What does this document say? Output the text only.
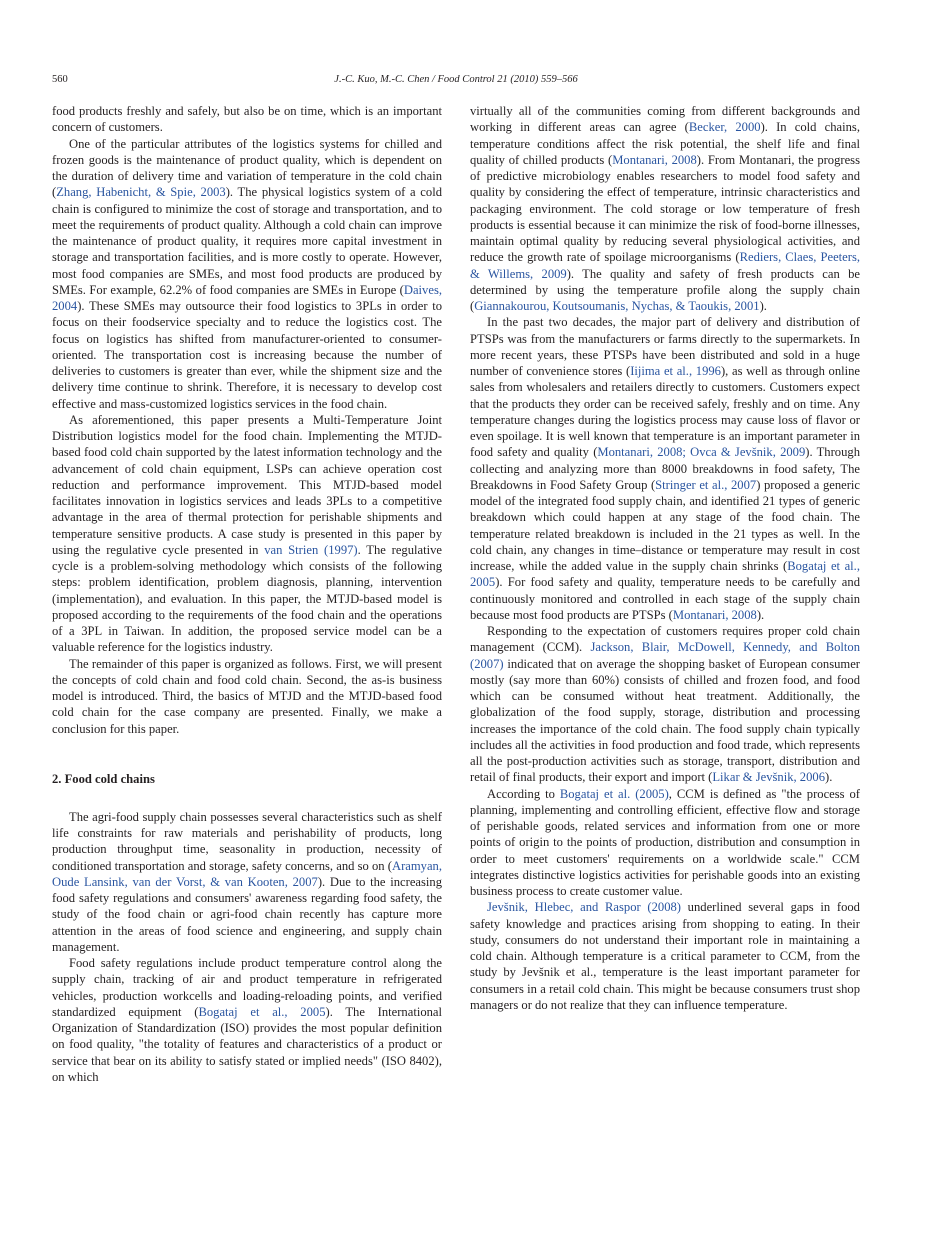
560	J.-C. Kuo, M.-C. Chen / Food Control 21 (2010) 559–566

food products freshly and safely, but also be on time, which is an important concern of customers.

One of the particular attributes of the logistics systems for chilled and frozen goods is the maintenance of product quality, which is dependent on the duration of delivery time and variation of temperature in the cold chain (Zhang, Habenicht, & Spie, 2003). The physical logistics system of a cold chain is configured to minimize the cost of storage and transportation, and to meet the requirements of product quality. Although a cold chain can improve the maintenance of product quality, it requires more capital investment in storage and transportation facilities, and is more costly to operate. However, most food companies are SMEs, and most food products are produced by SMEs. For example, 62.2% of food companies are SMEs in Europe (Daives, 2004). These SMEs may outsource their food logistics to 3PLs in order to focus on their foodservice specialty and to reduce the logistics cost. The focus on logistics has shifted from manufacturer-oriented to consumer-oriented. The transportation cost is increasing because the number of deliveries to customers is greater than ever, while the shipment size and the delivery time continue to shrink. Therefore, it is necessary to develop cost effective and mass-customized logistics services in the food chain.

As aforementioned, this paper presents a Multi-Temperature Joint Distribution logistics model for the food chain. Implementing the MTJD-based food cold chain supported by the latest information technology and the advancement of cold chain equipment, LSPs can achieve operation cost reduction and performance improvement. This MTJD-based model facilitates innovation in logistics services and leads 3PLs to a competitive advantage in the area of thermal protection for perishable shipments and temperature sensitive products. A case study is presented in this paper by using the regulative cycle presented in van Strien (1997). The regulative cycle is a problem-solving methodology which consists of the following steps: problem identification, problem diagnosis, planning, intervention (implementation), and evaluation. In this paper, the MTJD-based model is proposed according to the requirements of the food chain and the operations of a 3PL in Taiwan. In addition, the proposed service model can be a valuable reference for the logistics industry.

The remainder of this paper is organized as follows. First, we will present the concepts of cold chain and food cold chain. Second, the as-is business model is introduced. Third, the basics of MTJD and the MTJD-based food cold chain for the case company are presented. Finally, we make a conclusion for this paper.

2. Food cold chains

The agri-food supply chain possesses several characteristics such as shelf life constraints for raw materials and perishability of products, long production throughput time, seasonality in production, necessity of conditioned transportation and storage, safety concerns, and so on (Aramyan, Oude Lansink, van der Vorst, & van Kooten, 2007). Due to the increasing food safety regulations and consumers' awareness regarding food safety, the study of the food chain or agri-food chain recently has capture more attention in the areas of food science and engineering, and supply chain management.

Food safety regulations include product temperature control along the supply chain, tracking of air and product temperature in refrigerated vehicles, production workcells and loading-reloading points, and verified standardized equipment (Bogataj et al., 2005). The International Organization of Standardization (ISO) provides the most popular definition on food quality, "the totality of features and characteristics of a product or service that bear on its ability to satisfy stated or implied needs" (ISO 8402), on which

virtually all of the communities coming from different backgrounds and working in different areas can agree (Becker, 2000). In cold chains, temperature conditions affect the risk potential, the shelf life and final quality of chilled products (Montanari, 2008). From Montanari, the progress of predictive microbiology enables researchers to model food safety and quality by considering the effect of temperature, intrinsic characteristics and packaging environment. The cold storage or low temperature of fresh products is essential because it can minimize the risk of food-borne illnesses, maintain optimal quality by reducing several physiological activities, and reduce the growth rate of spoilage microorganisms (Rediers, Claes, Peeters, & Willems, 2009). The quality and safety of fresh products can be determined by using the temperature profile along the supply chain (Giannakourou, Koutsoumanis, Nychas, & Taoukis, 2001).

In the past two decades, the major part of delivery and distribution of PTSPs was from the manufacturers or farms directly to the supermarkets. In more recent years, these PTSPs have been distributed and sold in a huge number of convenience stores (Iijima et al., 1996), as well as through online sales from wholesalers and retailers directly to customers. Customers expect that the products they order can be received safely, freshly and on time. Any temperature changes during the logistics process may cause loss of flavor or even spoilage. It is well known that temperature is an important parameter in food safety and quality (Montanari, 2008; Ovca & Jevšnik, 2009). Through collecting and analyzing more than 8000 breakdowns in food safety, The Breakdowns in Food Safety Group (Stringer et al., 2007) proposed a generic model of the integrated food supply chain, and identified 21 types of generic breakdown which could happen at any stage of the food chain. The temperature related breakdown is included in the 21 types as well. In the cold chain, any changes in time–distance or temperature may result in cost increase, while the added value in the supply chain shrinks (Bogataj et al., 2005). For food safety and quality, temperature needs to be carefully and continuously monitored and controlled in each stage of the supply chain because most food products are PTSPs (Montanari, 2008).

Responding to the expectation of customers requires proper cold chain management (CCM). Jackson, Blair, McDowell, Kennedy, and Bolton (2007) indicated that on average the shopping basket of European consumer mostly (say more than 60%) consists of chilled and frozen food, and food which can be consumed without heat treatment. Additionally, the globalization of the food supply, storage, distribution and processing increases the importance of the cold chain. The food supply chain typically includes all the activities in food production and food trade, which represents all the post-production activities such as storage, transport, distribution and retail of final products, their export and import (Likar & Jevšnik, 2006).

According to Bogataj et al. (2005), CCM is defined as "the process of planning, implementing and controlling efficient, effective flow and storage of perishable goods, related services and information from one or more points of origin to the points of production, distribution and consumption in order to meet customers' requirements on a worldwide scale." CCM integrates distinctive logistics activities for perishable goods into an existing business process to create customer value.

Jevšnik, Hlebec, and Raspor (2008) underlined several gaps in food safety knowledge and practices arising from shopping to eating. In their study, consumers do not understand their important role in maintaining a cold chain. Although temperature is a critical parameter to CCM, from the study by Jevšnik et al., temperature is the least important parameter for consumers in a retail cold chain. This might be because consumers trust shop managers or do not realize that they can influence temperature.
